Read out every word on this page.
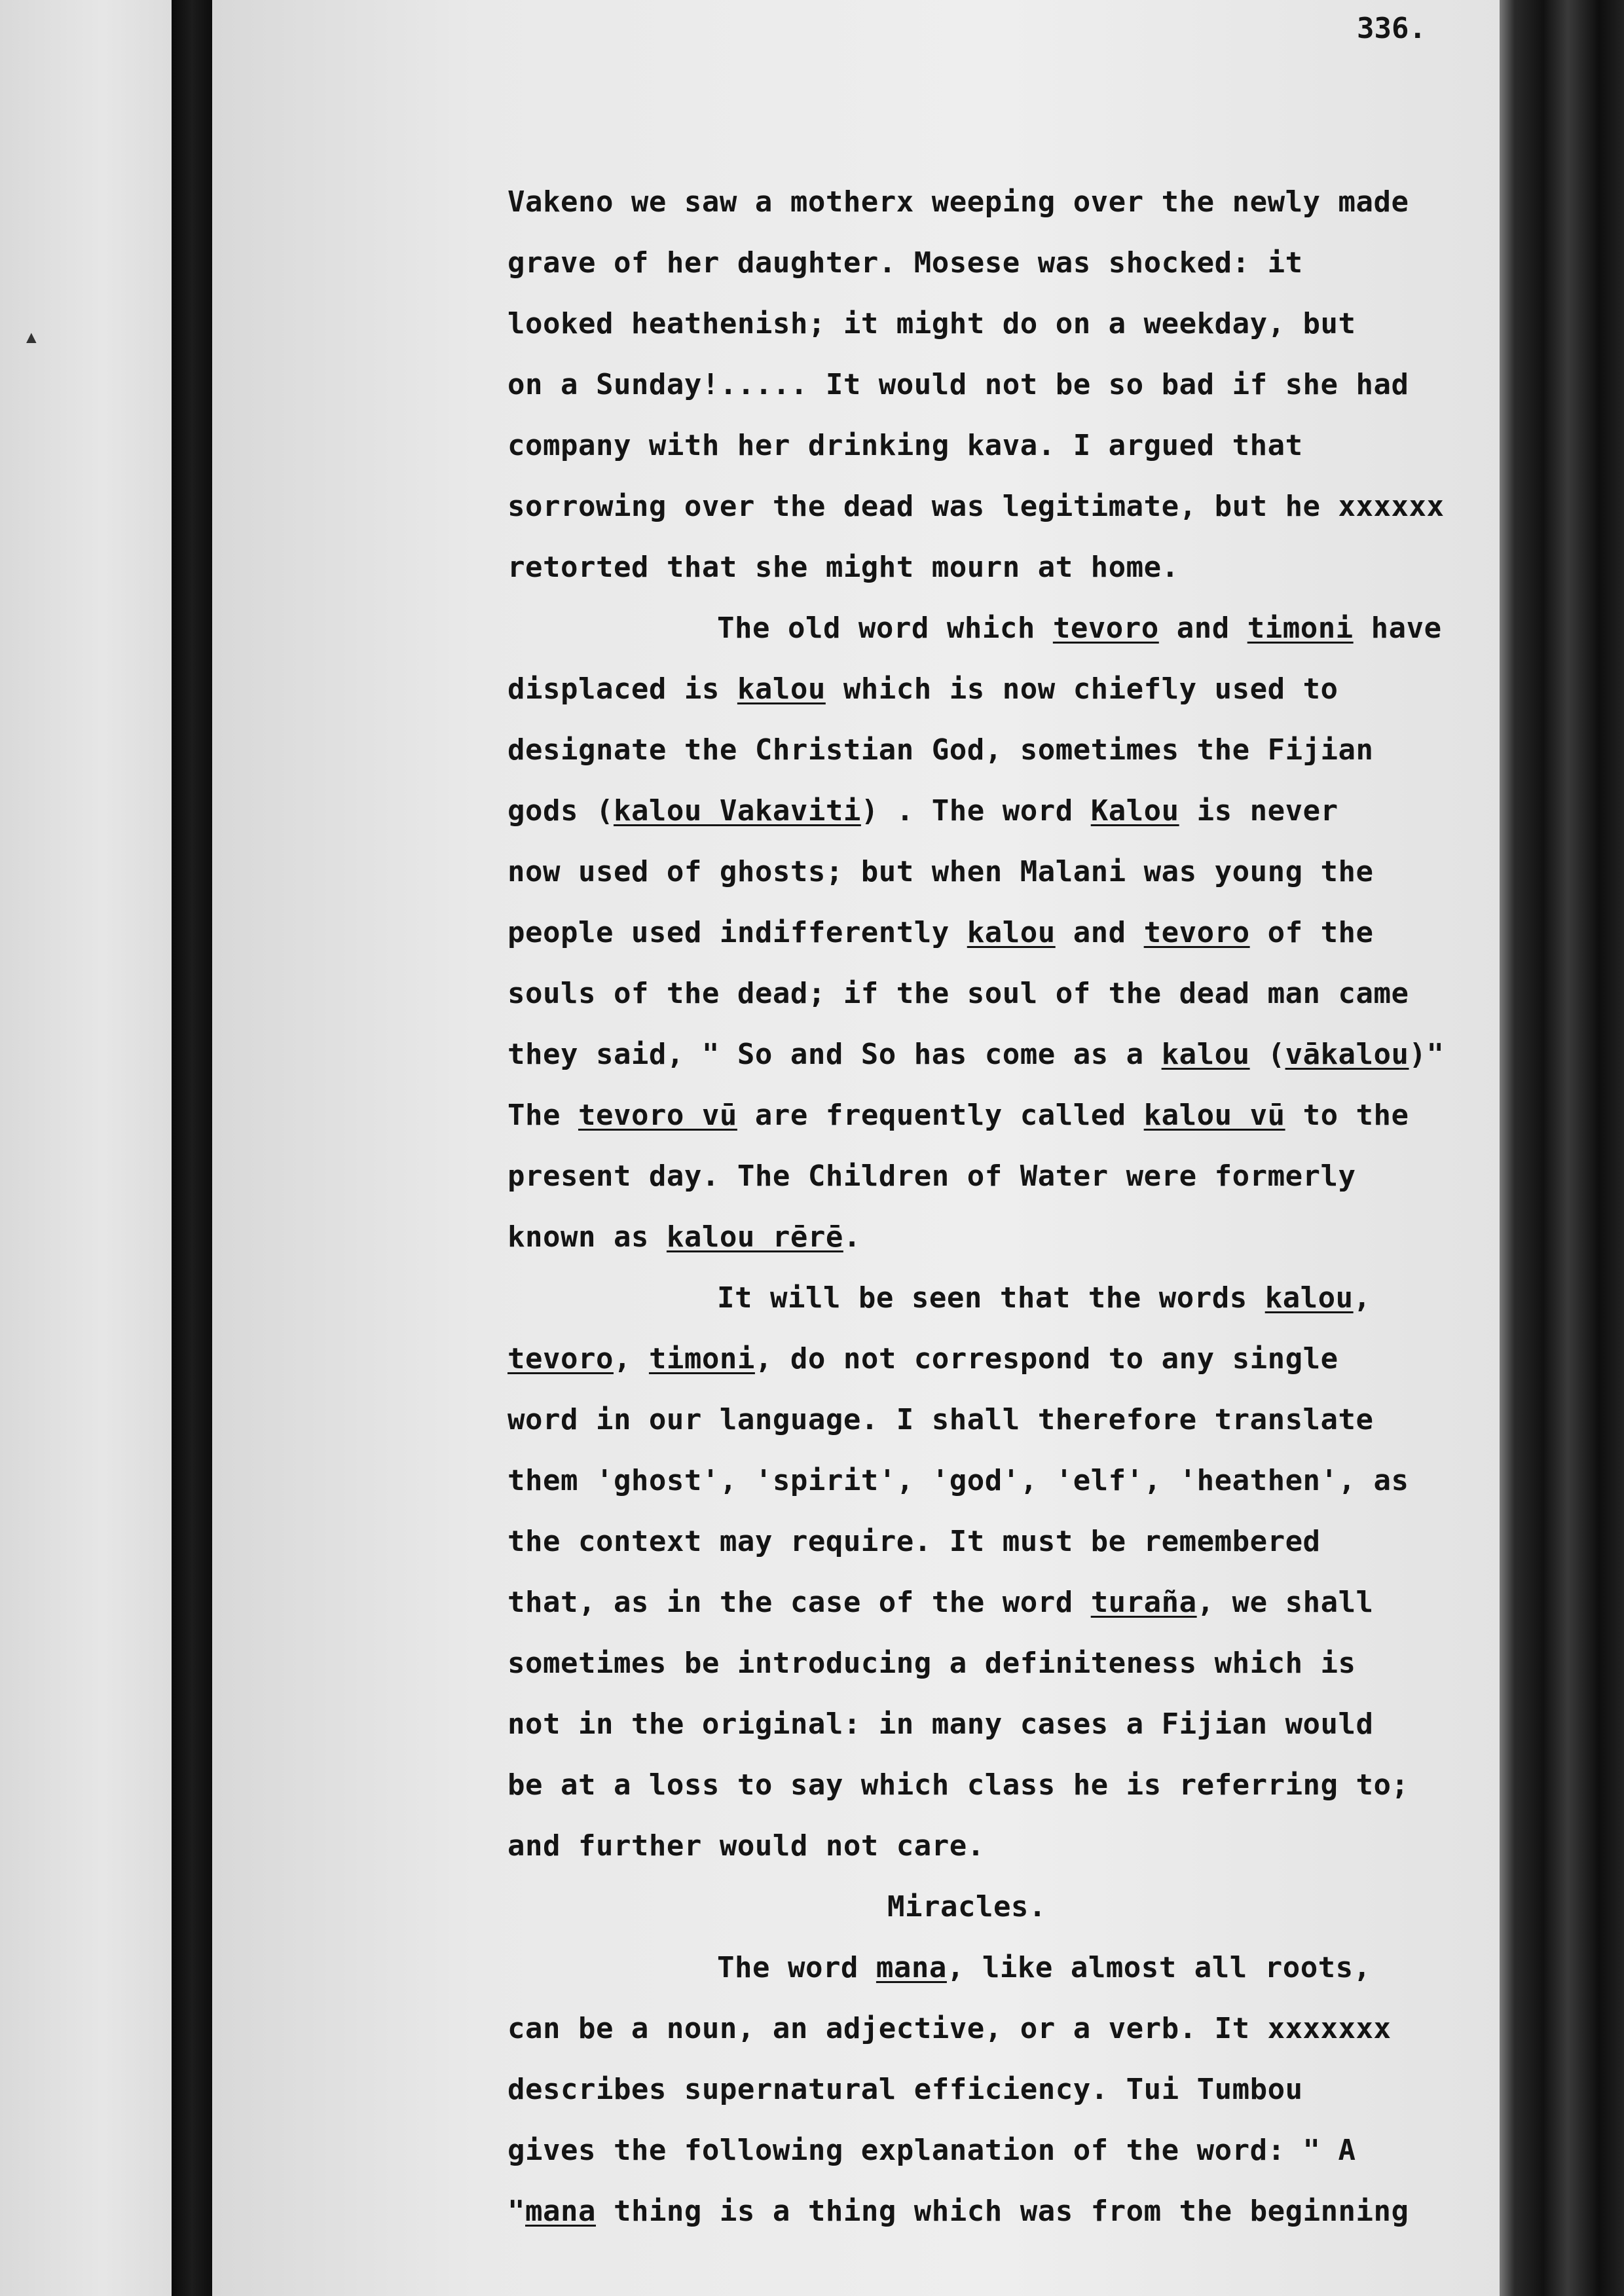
▲
336.
Vakeno we saw a motherx weeping over the newly made
grave of her daughter. Mosese was shocked: it
looked heathenish; it might do on a weekday, but
on a Sunday!..... It would not be so bad if she had
company with her drinking kava. I argued that
sorrowing over the dead was legitimate, but he xxxxxx
retorted that she might mourn at home.
The old word which tevoro and timoni have
displaced is kalou which is now chiefly used to
designate the Christian God, sometimes the Fijian
gods (kalou Vakaviti) . The word Kalou is never
now used of ghosts; but when Malani was young the
people used indifferently kalou and tevoro of the
souls of the dead; if the soul of the dead man came
they said, " So and So has come as a kalou (vākalou)"
The tevoro vū are frequently called kalou vū to the
present day. The Children of Water were formerly
known as kalou rērē.
It will be seen that the words kalou,
tevoro, timoni, do not correspond to any single
word in our language. I shall therefore translate
them 'ghost', 'spirit', 'god', 'elf', 'heathen', as
the context may require. It must be remembered
that, as in the case of the word turaña, we shall
sometimes be introducing a definiteness which is
not in the original: in many cases a Fijian would
be at a loss to say which class he is referring to;
and further would not care.
Miracles.
The word mana, like almost all roots,
can be a noun, an adjective, or a verb. It xxxxxxx
describes supernatural efficiency. Tui Tumbou
gives the following explanation of the word: " A
"mana thing is a thing which was from the beginning
